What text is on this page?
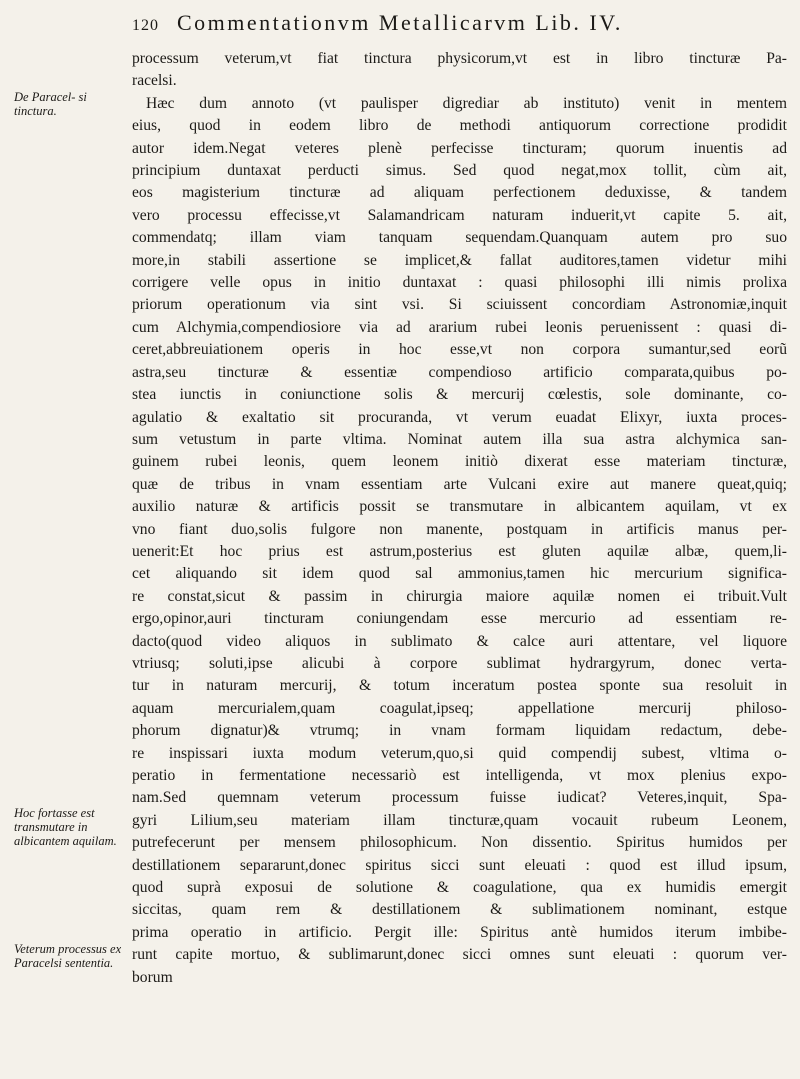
120 Commentationvm Metallicarvm Lib. IV.
De Paracel- si tinctura.
Hoc fortasse est transmutare in albicantem aquilam.
Veterum processus ex Paracelsi sententia.
processum veterum,vt fiat tinctura physicorum,vt est in libro tincturæ Pa-
racelsi.
Hæc dum annoto (vt paulisper digrediar ab instituto) venit in mentem
eius, quod in eodem libro de methodi antiquorum correctione prodidit
autor idem.Negat veteres plenè perfecisse tincturam; quorum inuentis ad
principium duntaxat perducti simus. Sed quod negat,mox tollit, cùm ait,
eos magisterium tincturæ ad aliquam perfectionem deduxisse, & tandem
vero processu effecisse,vt Salamandricam naturam induerit,vt capite 5. ait,
commendatq; illam viam tanquam sequendam.Quanquam autem pro suo
more,in stabili assertione se implicet,& fallat auditores,tamen videtur mihi
corrigere velle opus in initio duntaxat : quasi philosophi illi nimis prolixa
priorum operationum via sint vsi. Si sciuissent concordiam Astronomiæ,inquit
cum Alchymia,compendiosiore via ad ararium rubei leonis peruenissent : quasi di-
ceret,abbreuiationem operis in hoc esse,vt non corpora sumantur,sed eorũ
astra,seu tincturæ & essentiæ compendioso artificio comparata,quibus po-
stea iunctis in coniunctione solis & mercurij cœlestis, sole dominante, co-
agulatio & exaltatio sit procuranda, vt verum euadat Elixyr, iuxta proces-
sum vetustum in parte vltima. Nominat autem illa sua astra alchymica san-
guinem rubei leonis, quem leonem initiò dixerat esse materiam tincturæ,
quæ de tribus in vnam essentiam arte Vulcani exire aut manere queat,quiq;
auxilio naturæ & artificis possit se transmutare in albicantem aquilam, vt ex
vno fiant duo,solis fulgore non manente, postquam in artificis manus per-
uenerit:Et hoc prius est astrum,posterius est gluten aquilæ albæ, quem,li-
cet aliquando sit idem quod sal ammonius,tamen hic mercurium significa-
re constat,sicut & passim in chirurgia maiore aquilæ nomen ei tribuit.Vult
ergo,opinor,auri tincturam coniungendam esse mercurio ad essentiam re-
dacto(quod video aliquos in sublimato & calce auri attentare, vel liquore
vtriusq; soluti,ipse alicubi à corpore sublimat hydrargyrum, donec verta-
tur in naturam mercurij, & totum inceratum postea sponte sua resoluit in
aquam mercurialem,quam coagulat,ipseq; appellatione mercurij philoso-
phorum dignatur)& vtrumq; in vnam formam liquidam redactum, debe-
re inspissari iuxta modum veterum,quo,si quid compendij subest, vltima o-
peratio in fermentatione necessariò est intelligenda, vt mox plenius expo-
nam.Sed quemnam veterum processum fuisse iudicat? Veteres,inquit, Spa-
gyri Lilium,seu materiam illam tincturæ,quam vocauit rubeum Leonem,
putrefecerunt per mensem philosophicum. Non dissentio. Spiritus humidos per
destillationem separarunt,donec spiritus sicci sunt eleuati : quod est illud ipsum,
quod suprà exposui de solutione & coagulatione, qua ex humidis emergit
siccitas, quam rem & destillationem & sublimationem nominant, estque
prima operatio in artificio. Pergit ille: Spiritus antè humidos iterum imbibe-
runt capite mortuo, & sublimarunt,donec sicci omnes sunt eleuati : quorum ver-
borum
